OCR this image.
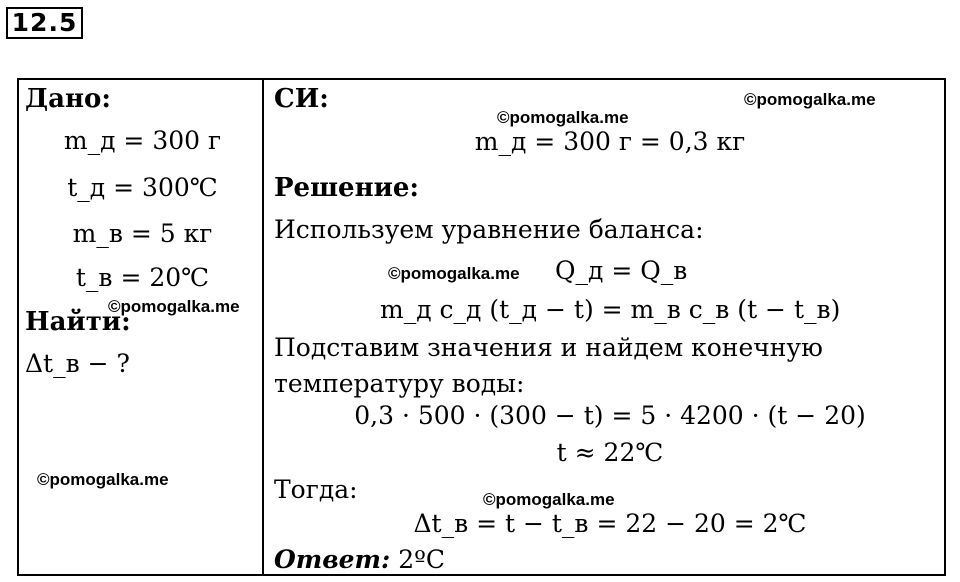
12.5
Дано:
m_д = 300 г
t_д = 300℃
m_в = 5 кг
t_в = 20℃
Найти:
Δt_в − ?
СИ:
m_д = 300 г = 0,3 кг
Решение:
Используем уравнение баланса:
Q_д = Q_в
m_д c_д (t_д − t) = m_в c_в (t − t_в)
Подставим значения и найдем конечную
температуру воды:
0,3 · 500 · (300 − t) = 5 · 4200 · (t − 20)
t ≈ 22℃
Тогда:
Δt_в = t − t_в = 22 − 20 = 2℃
Ответ: 2ºС
©pomogalka.me
©pomogalka.me
©pomogalka.me
©pomogalka.me
©pomogalka.me
©pomogalka.me
